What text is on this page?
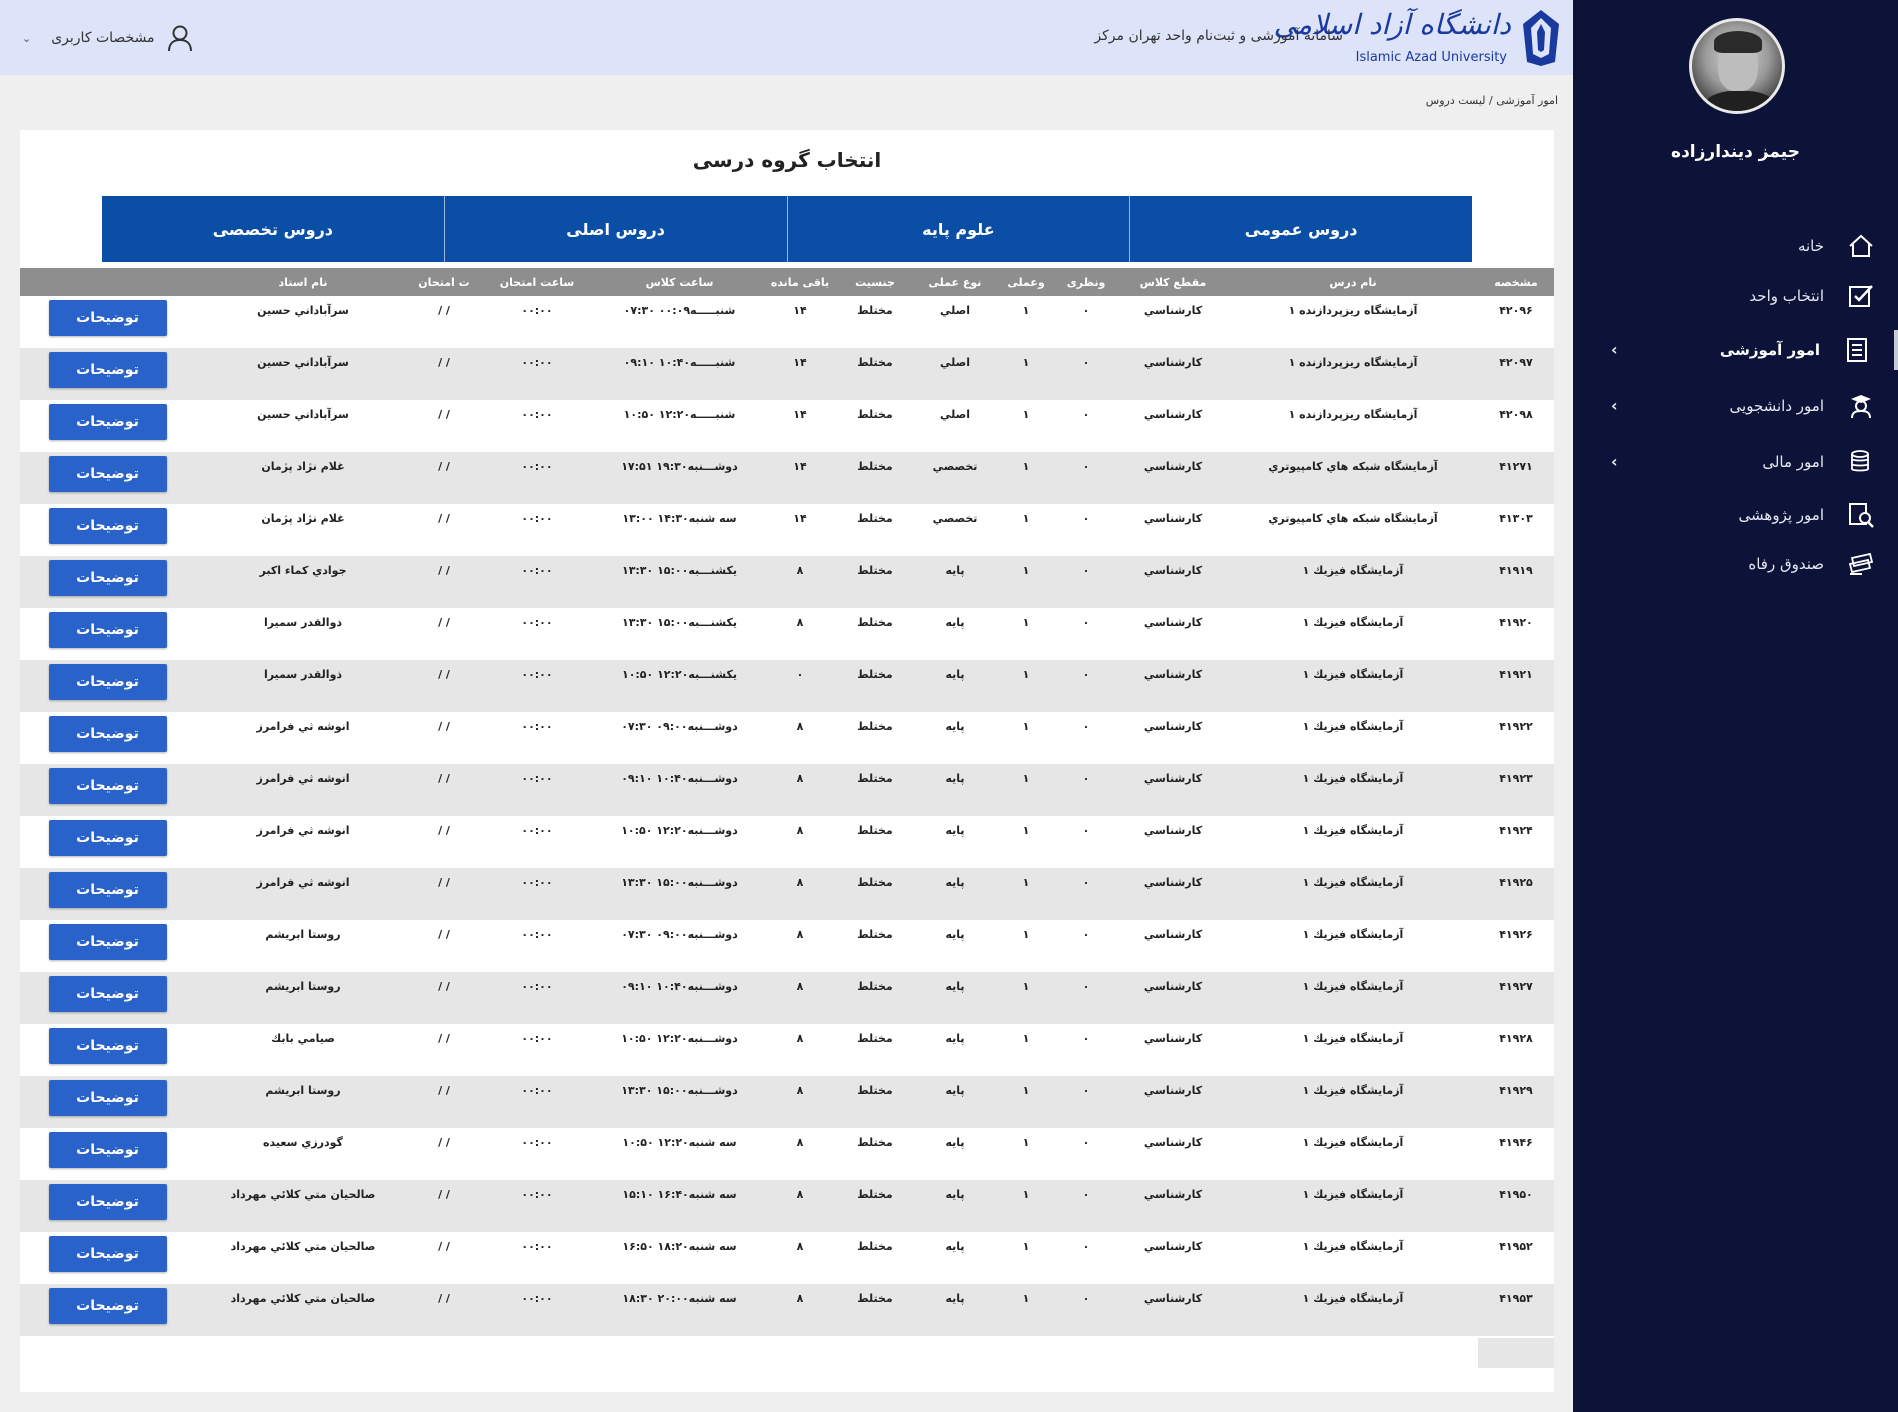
دانشگاه آزاد اسلامی
Islamic Azad University
سامانه آموزشی و ثبت‌نام واحد تهران مرکز
⌄ مشخصات کاربری
امور آموزشی / لیست دروس
انتخاب گروه درسی
دروس عمومی
علوم پایه
دروس اصلی
دروس تخصصی
مشخصه	نام درس	مقطع کلاس	ونظری	وعملی	نوع عملی	جنسیت	باقی مانده	ساعت کلاس	ساعت امتحان	ت امتحان	نام استاد	
۴۲۰۹۶	آزمايشگاه ريزپردازنده ۱	كارشناسي	۰	۱	اصلي	مختلط	۱۴	شنبـــــه۰۰:۰۹ ۰۷:۳۰	۰۰:۰۰	/ /	سرآباداني حسين	توضیحات
۴۲۰۹۷	آزمايشگاه ريزپردازنده ۱	كارشناسي	۰	۱	اصلي	مختلط	۱۴	شنبـــــه۱۰:۴۰ ۰۹:۱۰	۰۰:۰۰	/ /	سرآباداني حسين	توضیحات
۴۲۰۹۸	آزمايشگاه ريزپردازنده ۱	كارشناسي	۰	۱	اصلي	مختلط	۱۴	شنبـــــه۱۲:۲۰ ۱۰:۵۰	۰۰:۰۰	/ /	سرآباداني حسين	توضیحات
۴۱۲۷۱	آزمايشگاه شبكه هاي كامپيوتري	كارشناسي	۰	۱	تخصصي	مختلط	۱۴	دوشـــنبه۱۹:۳۰ ۱۷:۵۱	۰۰:۰۰	/ /	غلام نژاد پژمان	توضیحات
۴۱۳۰۳	آزمايشگاه شبكه هاي كامپيوتري	كارشناسي	۰	۱	تخصصي	مختلط	۱۴	سه شنبه۱۴:۳۰ ۱۳:۰۰	۰۰:۰۰	/ /	غلام نژاد پژمان	توضیحات
۴۱۹۱۹	آزمايشگاه فيزيك ۱	كارشناسي	۰	۱	پايه	مختلط	۸	يكشنـــبه۱۵:۰۰ ۱۳:۳۰	۰۰:۰۰	/ /	جوادي كماء اكبر	توضیحات
۴۱۹۲۰	آزمايشگاه فيزيك ۱	كارشناسي	۰	۱	پايه	مختلط	۸	يكشنـــبه۱۵:۰۰ ۱۳:۳۰	۰۰:۰۰	/ /	ذوالقدر سميرا	توضیحات
۴۱۹۲۱	آزمايشگاه فيزيك ۱	كارشناسي	۰	۱	پايه	مختلط	۰	يكشنـــبه۱۲:۲۰ ۱۰:۵۰	۰۰:۰۰	/ /	ذوالقدر سميرا	توضیحات
۴۱۹۲۲	آزمايشگاه فيزيك ۱	كارشناسي	۰	۱	پايه	مختلط	۸	دوشـــنبه۰۹:۰۰ ۰۷:۳۰	۰۰:۰۰	/ /	انوشه ثي فرامرز	توضیحات
۴۱۹۲۳	آزمايشگاه فيزيك ۱	كارشناسي	۰	۱	پايه	مختلط	۸	دوشـــنبه۱۰:۴۰ ۰۹:۱۰	۰۰:۰۰	/ /	انوشه ثي فرامرز	توضیحات
۴۱۹۲۴	آزمايشگاه فيزيك ۱	كارشناسي	۰	۱	پايه	مختلط	۸	دوشـــنبه۱۲:۲۰ ۱۰:۵۰	۰۰:۰۰	/ /	انوشه ثي فرامرز	توضیحات
۴۱۹۲۵	آزمايشگاه فيزيك ۱	كارشناسي	۰	۱	پايه	مختلط	۸	دوشـــنبه۱۵:۰۰ ۱۳:۳۰	۰۰:۰۰	/ /	انوشه ثي فرامرز	توضیحات
۴۱۹۲۶	آزمايشگاه فيزيك ۱	كارشناسي	۰	۱	پايه	مختلط	۸	دوشـــنبه۰۹:۰۰ ۰۷:۳۰	۰۰:۰۰	/ /	روستا ابريشم	توضیحات
۴۱۹۲۷	آزمايشگاه فيزيك ۱	كارشناسي	۰	۱	پايه	مختلط	۸	دوشـــنبه۱۰:۴۰ ۰۹:۱۰	۰۰:۰۰	/ /	روستا ابريشم	توضیحات
۴۱۹۲۸	آزمايشگاه فيزيك ۱	كارشناسي	۰	۱	پايه	مختلط	۸	دوشـــنبه۱۲:۲۰ ۱۰:۵۰	۰۰:۰۰	/ /	صيامي بابك	توضیحات
۴۱۹۲۹	آزمايشگاه فيزيك ۱	كارشناسي	۰	۱	پايه	مختلط	۸	دوشـــنبه۱۵:۰۰ ۱۳:۳۰	۰۰:۰۰	/ /	روستا ابريشم	توضیحات
۴۱۹۴۶	آزمايشگاه فيزيك ۱	كارشناسي	۰	۱	پايه	مختلط	۸	سه شنبه۱۲:۲۰ ۱۰:۵۰	۰۰:۰۰	/ /	گودرزي سعيده	توضیحات
۴۱۹۵۰	آزمايشگاه فيزيك ۱	كارشناسي	۰	۱	پايه	مختلط	۸	سه شنبه۱۶:۴۰ ۱۵:۱۰	۰۰:۰۰	/ /	صالحيان متي كلائي مهرداد	توضیحات
۴۱۹۵۲	آزمايشگاه فيزيك ۱	كارشناسي	۰	۱	پايه	مختلط	۸	سه شنبه۱۸:۲۰ ۱۶:۵۰	۰۰:۰۰	/ /	صالحيان متي كلائي مهرداد	توضیحات
۴۱۹۵۳	آزمايشگاه فيزيك ۱	كارشناسي	۰	۱	پايه	مختلط	۸	سه شنبه۲۰:۰۰ ۱۸:۳۰	۰۰:۰۰	/ /	صالحيان متي كلائي مهرداد	توضیحات
جیمز دیندارزاده
خانه
انتخاب واحد
‹	امور آموزشی
‹	امور دانشجویی
‹	امور مالی
امور پژوهشی
صندوق رفاه
